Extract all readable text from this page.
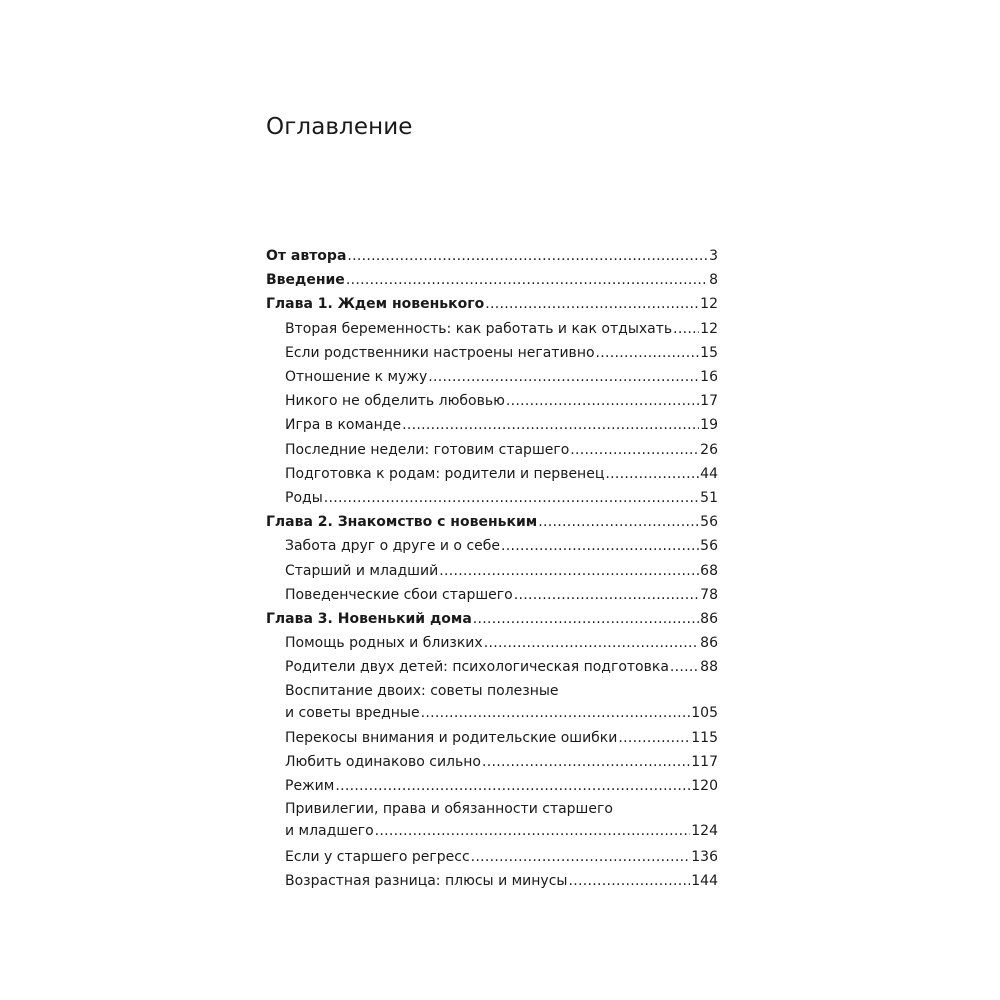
Оглавление
От автора .....	3
Введение .....	8
Глава 1. Ждем новенького .....	12
Вторая беременность: как работать и как отдыхать ..... 12
Если родственники настроены негативно .....	15
Отношение к мужу .....	16
Никого не обделить любовью .....	17
Игра в команде .....	19
Последние недели: готовим старшего .....	26
Подготовка к родам: родители и первенец .....	44
Роды .....	51
Глава 2. Знакомство с новеньким .....	56
Забота друг о друге и о себе .....	56
Старший и младший .....	68
Поведенческие сбои старшего .....	78
Глава 3. Новенький дома .....	86
Помощь родных и близких .....	86
Родители двух детей: психологическая подготовка ..... 88
Воспитание двоих: советы полезные
и советы вредные .....	105
Перекосы внимания и родительские ошибки .....	115
Любить одинаково сильно .....	117
Режим .....	120
Привилегии, права и обязанности старшего
и младшего .....	124
Если у старшего регресс .....	136
Возрастная разница: плюсы и минусы .....	144
